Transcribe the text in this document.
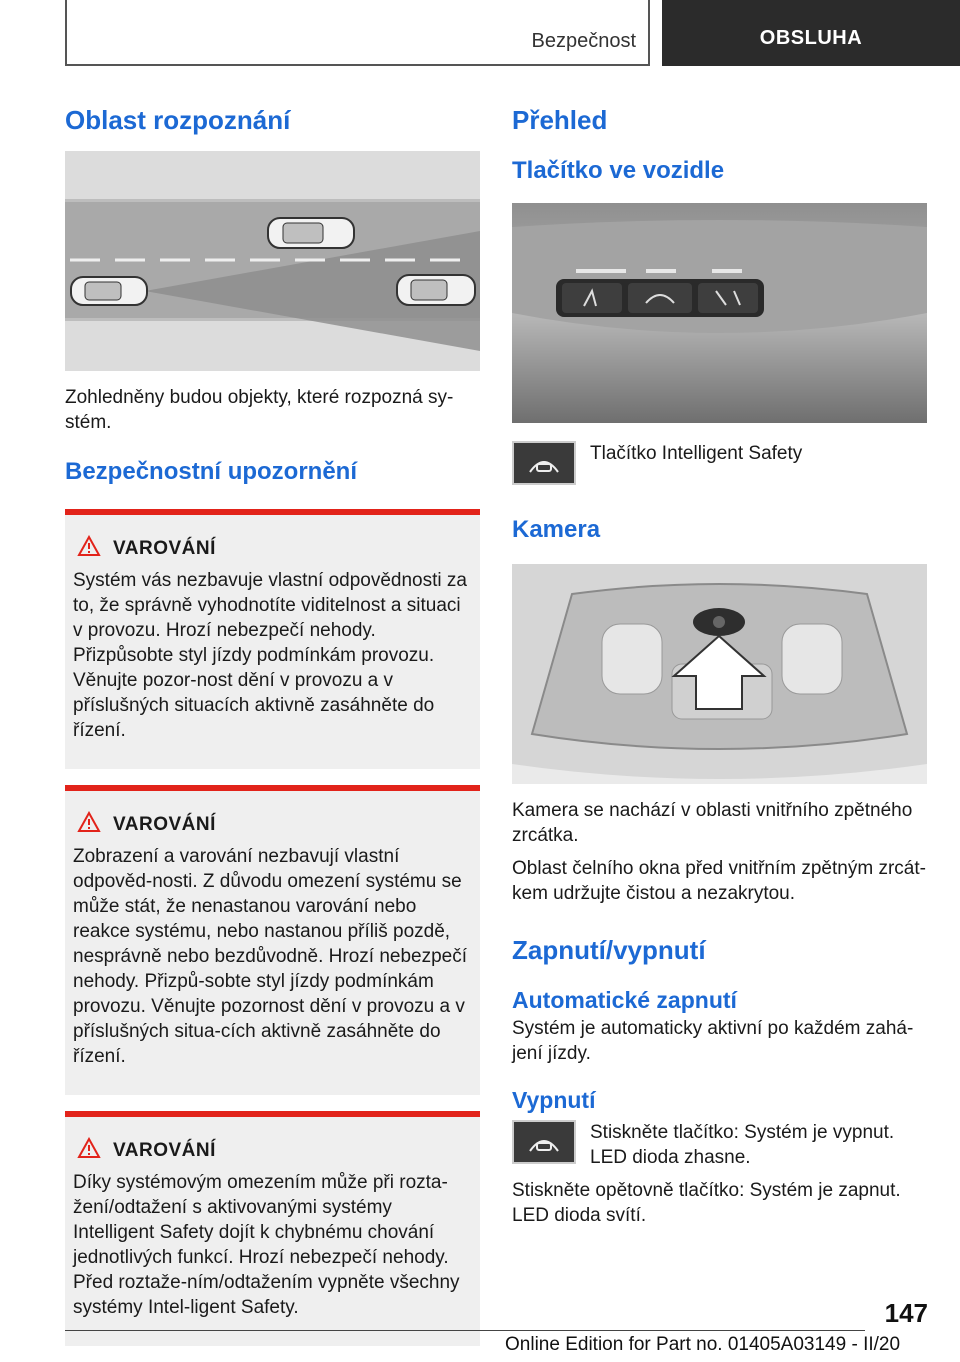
Bezpečnost	OBSLUHA
Oblast rozpoznání

Zohledněny budou objekty, které rozpozná sy-stém.

Bezpečnostní upozornění
VAROVÁNÍ

Systém vás nezbavuje vlastní odpovědnosti za to, že správně vyhodnotíte viditelnost a situaci v provozu. Hrozí nebezpečí nehody. Přizpůsobte styl jízdy podmínkám provozu. Věnujte pozor-nost dění v provozu a v příslušných situacích aktivně zasáhněte do řízení.

VAROVÁNÍ

Zobrazení a varování nezbavují vlastní odpověd-nosti. Z důvodu omezení systému se může stát, že nenastanou varování nebo reakce systému, nebo nastanou příliš pozdě, nesprávně nebo bezdůvodně. Hrozí nebezpečí nehody. Přizpů-sobte styl jízdy podmínkám provozu. Věnujte pozornost dění v provozu a v příslušných situa-cích aktivně zasáhněte do řízení.

VAROVÁNÍ

Díky systémovým omezením může při rozta-žení/odtažení s aktivovanými systémy Intelligent Safety dojít k chybnému chování jednotlivých funkcí. Hrozí nebezpečí nehody. Před roztaže-ním/odtažením vypněte všechny systémy Intel-ligent Safety.

Přehled
Tlačítko ve vozidle

Tlačítko Intelligent Safety

Kamera

Kamera se nachází v oblasti vnitřního zpětného zrcátka.

Oblast čelního okna před vnitřním zpětným zrcát-kem udržujte čistou a nezakrytou.

Zapnutí/vypnutí
Automatické zapnutí

Systém je automaticky aktivní po každém zahá-jení jízdy.

Vypnutí

Stiskněte tlačítko: Systém je vypnut. LED dioda zhasne.

Stiskněte opětovně tlačítko: Systém je zapnut. LED dioda svítí.

147
Online Edition for Part no. 01405A03149 - II/20
